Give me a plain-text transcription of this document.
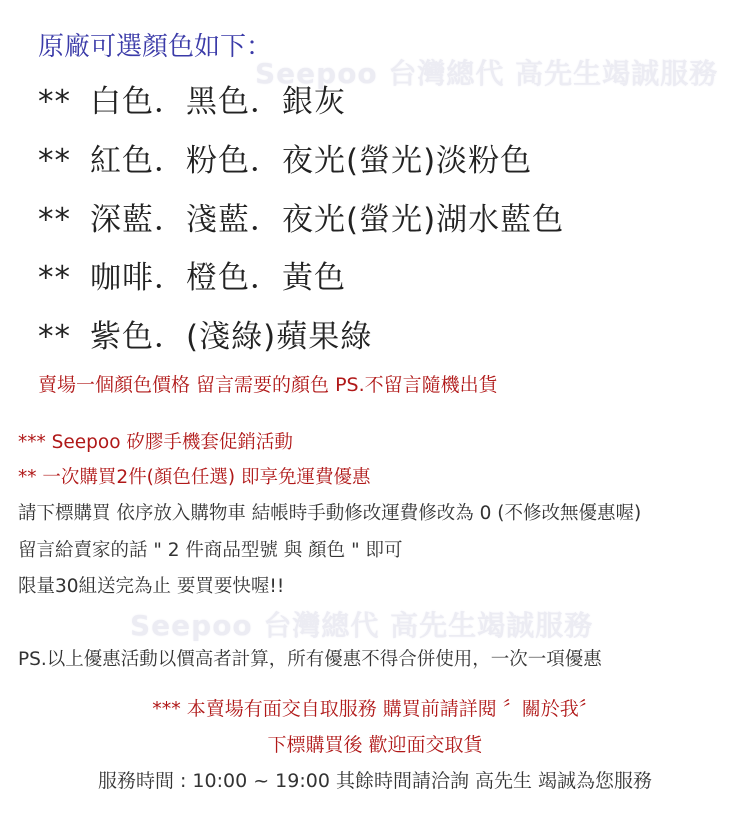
Seepoo 台灣總代 高先生竭誠服務
Seepoo 台灣總代 高先生竭誠服務
原廠可選顏色如下：
** 白色．黑色．銀灰
** 紅色．粉色．夜光(螢光)淡粉色
** 深藍．淺藍．夜光(螢光)湖水藍色
** 咖啡．橙色．黃色
** 紫色．(淺綠)蘋果綠
賣場一個顏色價格 留言需要的顏色 PS.不留言隨機出貨
*** Seepoo 矽膠手機套促銷活動
** 一次購買2件(顏色任選) 即享免運費優惠
請下標購買 依序放入購物車 結帳時手動修改運費修改為 0 (不修改無優惠喔)
留言給賣家的話 " 2 件商品型號 與 顏色 " 即可
限量30組送完為止 要買要快喔!!
PS.以上優惠活動以價高者計算，所有優惠不得合併使用，一次一項優惠
*** 本賣場有面交自取服務 購買前請詳閱 〞關於我〞
下標購買後 歡迎面交取貨
服務時間 : 10:00 ~ 19:00 其餘時間請洽詢 高先生 竭誠為您服務
